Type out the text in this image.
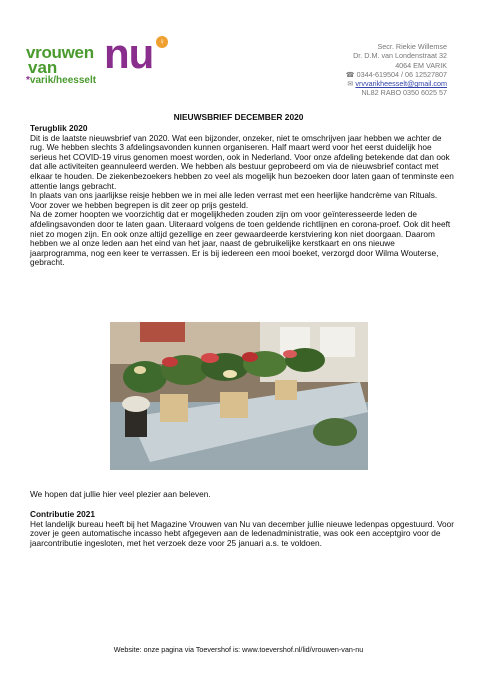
vrouwen
van nu ♀
*varik/heesselt
Secr. Riekie Willemse
Dr. D.M. van Londenstraat 32
4064 EM VARIK
☎ 0344-619504 / 06 12527807
✉ vrvvarikheesselt@gmail.com
NL82 RABO 0350 6025 57
NIEUWSBRIEF DECEMBER 2020

Terugblik 2020

Dit is de laatste nieuwsbrief van 2020. Wat een bijzonder, onzeker, niet te omschrijven jaar hebben we achter de rug. We hebben slechts 3 afdelingsavonden kunnen organiseren. Half maart werd voor het eerst duidelijk hoe serieus het COVID-19 virus genomen moest worden, ook in Nederland. Voor onze afdeling betekende dat dan ook dat alle activiteiten geannuleerd werden. We hebben als bestuur geprobeerd om via de nieuwsbrief contact met elkaar te houden. De ziekenbezoekers hebben zo veel als mogelijk hun bezoeken door laten gaan of tenminste een attentie langs gebracht.

In plaats van ons jaarlijkse reisje hebben we in mei alle leden verrast met een heerlijke handcrème van Rituals. Voor zover we hebben begrepen is dit zeer op prijs gesteld.

Na de zomer hoopten we voorzichtig dat er mogelijkheden zouden zijn om voor geïnteresseerde leden de afdelingsavonden door te laten gaan. Uiteraard volgens de toen geldende richtlijnen en corona-proef. Ook dit heeft niet zo mogen zijn. En ook onze altijd gezellige en zeer gewaardeerde kerstviering kon niet doorgaan. Daarom hebben we al onze leden aan het eind van het jaar, naast de gebruikelijke kerstkaart en ons nieuwe jaarprogramma, nog een keer te verrassen. Er is bij iedereen een mooi boeket, verzorgd door Wilma Wouterse, gebracht.

We hopen dat jullie hier veel plezier aan beleven.

Contributie 2021

Het landelijk bureau heeft bij het Magazine Vrouwen van Nu van december jullie nieuwe ledenpas opgestuurd. Voor zover je geen automatische incasso hebt afgegeven aan de ledenadministratie, was ook een acceptgiro voor de jaarcontributie ingesloten, met het verzoek deze voor 25 januari a.s. te voldoen.

Website: onze pagina via Toevershof is: www.toevershof.nl/lid/vrouwen-van-nu
